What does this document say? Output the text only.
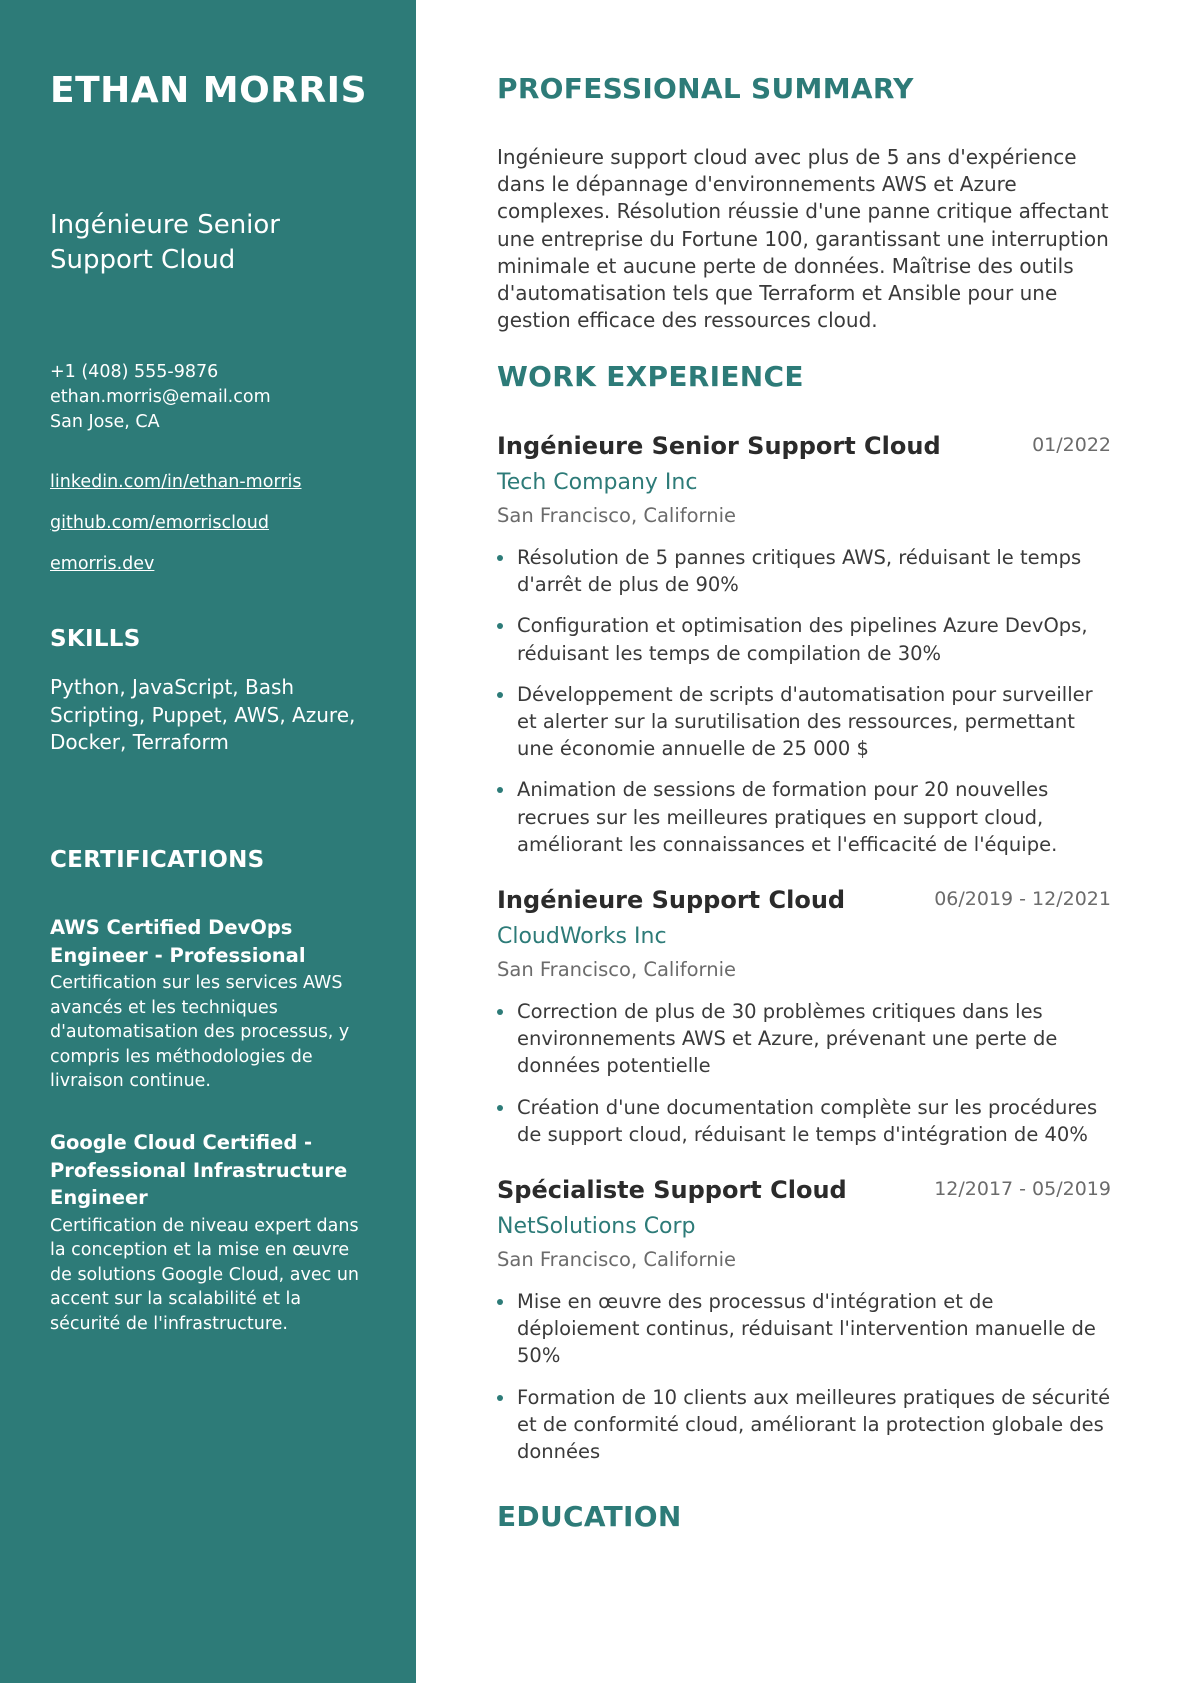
ETHAN MORRIS
Ingénieure Senior Support Cloud
+1 (408) 555-9876
ethan.morris@email.com
San Jose, CA
linkedin.com/in/ethan-morris
github.com/emorriscloud
emorris.dev
SKILLS
Python, JavaScript, Bash Scripting, Puppet, AWS, Azure, Docker, Terraform
CERTIFICATIONS
AWS Certified DevOps Engineer - Professional
Certification sur les services AWS avancés et les techniques d'automatisation des processus, y compris les méthodologies de livraison continue.
Google Cloud Certified - Professional Infrastructure Engineer
Certification de niveau expert dans la conception et la mise en œuvre de solutions Google Cloud, avec un accent sur la scalabilité et la sécurité de l'infrastructure.
PROFESSIONAL SUMMARY

Ingénieure support cloud avec plus de 5 ans d'expérience dans le dépannage d'environnements AWS et Azure complexes. Résolution réussie d'une panne critique affectant une entreprise du Fortune 100, garantissant une interruption minimale et aucune perte de données. Maîtrise des outils d'automatisation tels que Terraform et Ansible pour une gestion efficace des ressources cloud.

WORK EXPERIENCE
Ingénieure Senior Support Cloud	01/2022
Tech Company Inc
San Francisco, Californie
Résolution de 5 pannes critiques AWS, réduisant le temps d'arrêt de plus de 90%
Configuration et optimisation des pipelines Azure DevOps, réduisant les temps de compilation de 30%
Développement de scripts d'automatisation pour surveiller et alerter sur la surutilisation des ressources, permettant une économie annuelle de 25 000 $
Animation de sessions de formation pour 20 nouvelles recrues sur les meilleures pratiques en support cloud, améliorant les connaissances et l'efficacité de l'équipe.
Ingénieure Support Cloud	06/2019 - 12/2021
CloudWorks Inc
San Francisco, Californie
Correction de plus de 30 problèmes critiques dans les environnements AWS et Azure, prévenant une perte de données potentielle
Création d'une documentation complète sur les procédures de support cloud, réduisant le temps d'intégration de 40%
Spécialiste Support Cloud	12/2017 - 05/2019
NetSolutions Corp
San Francisco, Californie
Mise en œuvre des processus d'intégration et de déploiement continus, réduisant l'intervention manuelle de 50%
Formation de 10 clients aux meilleures pratiques de sécurité et de conformité cloud, améliorant la protection globale des données
EDUCATION
